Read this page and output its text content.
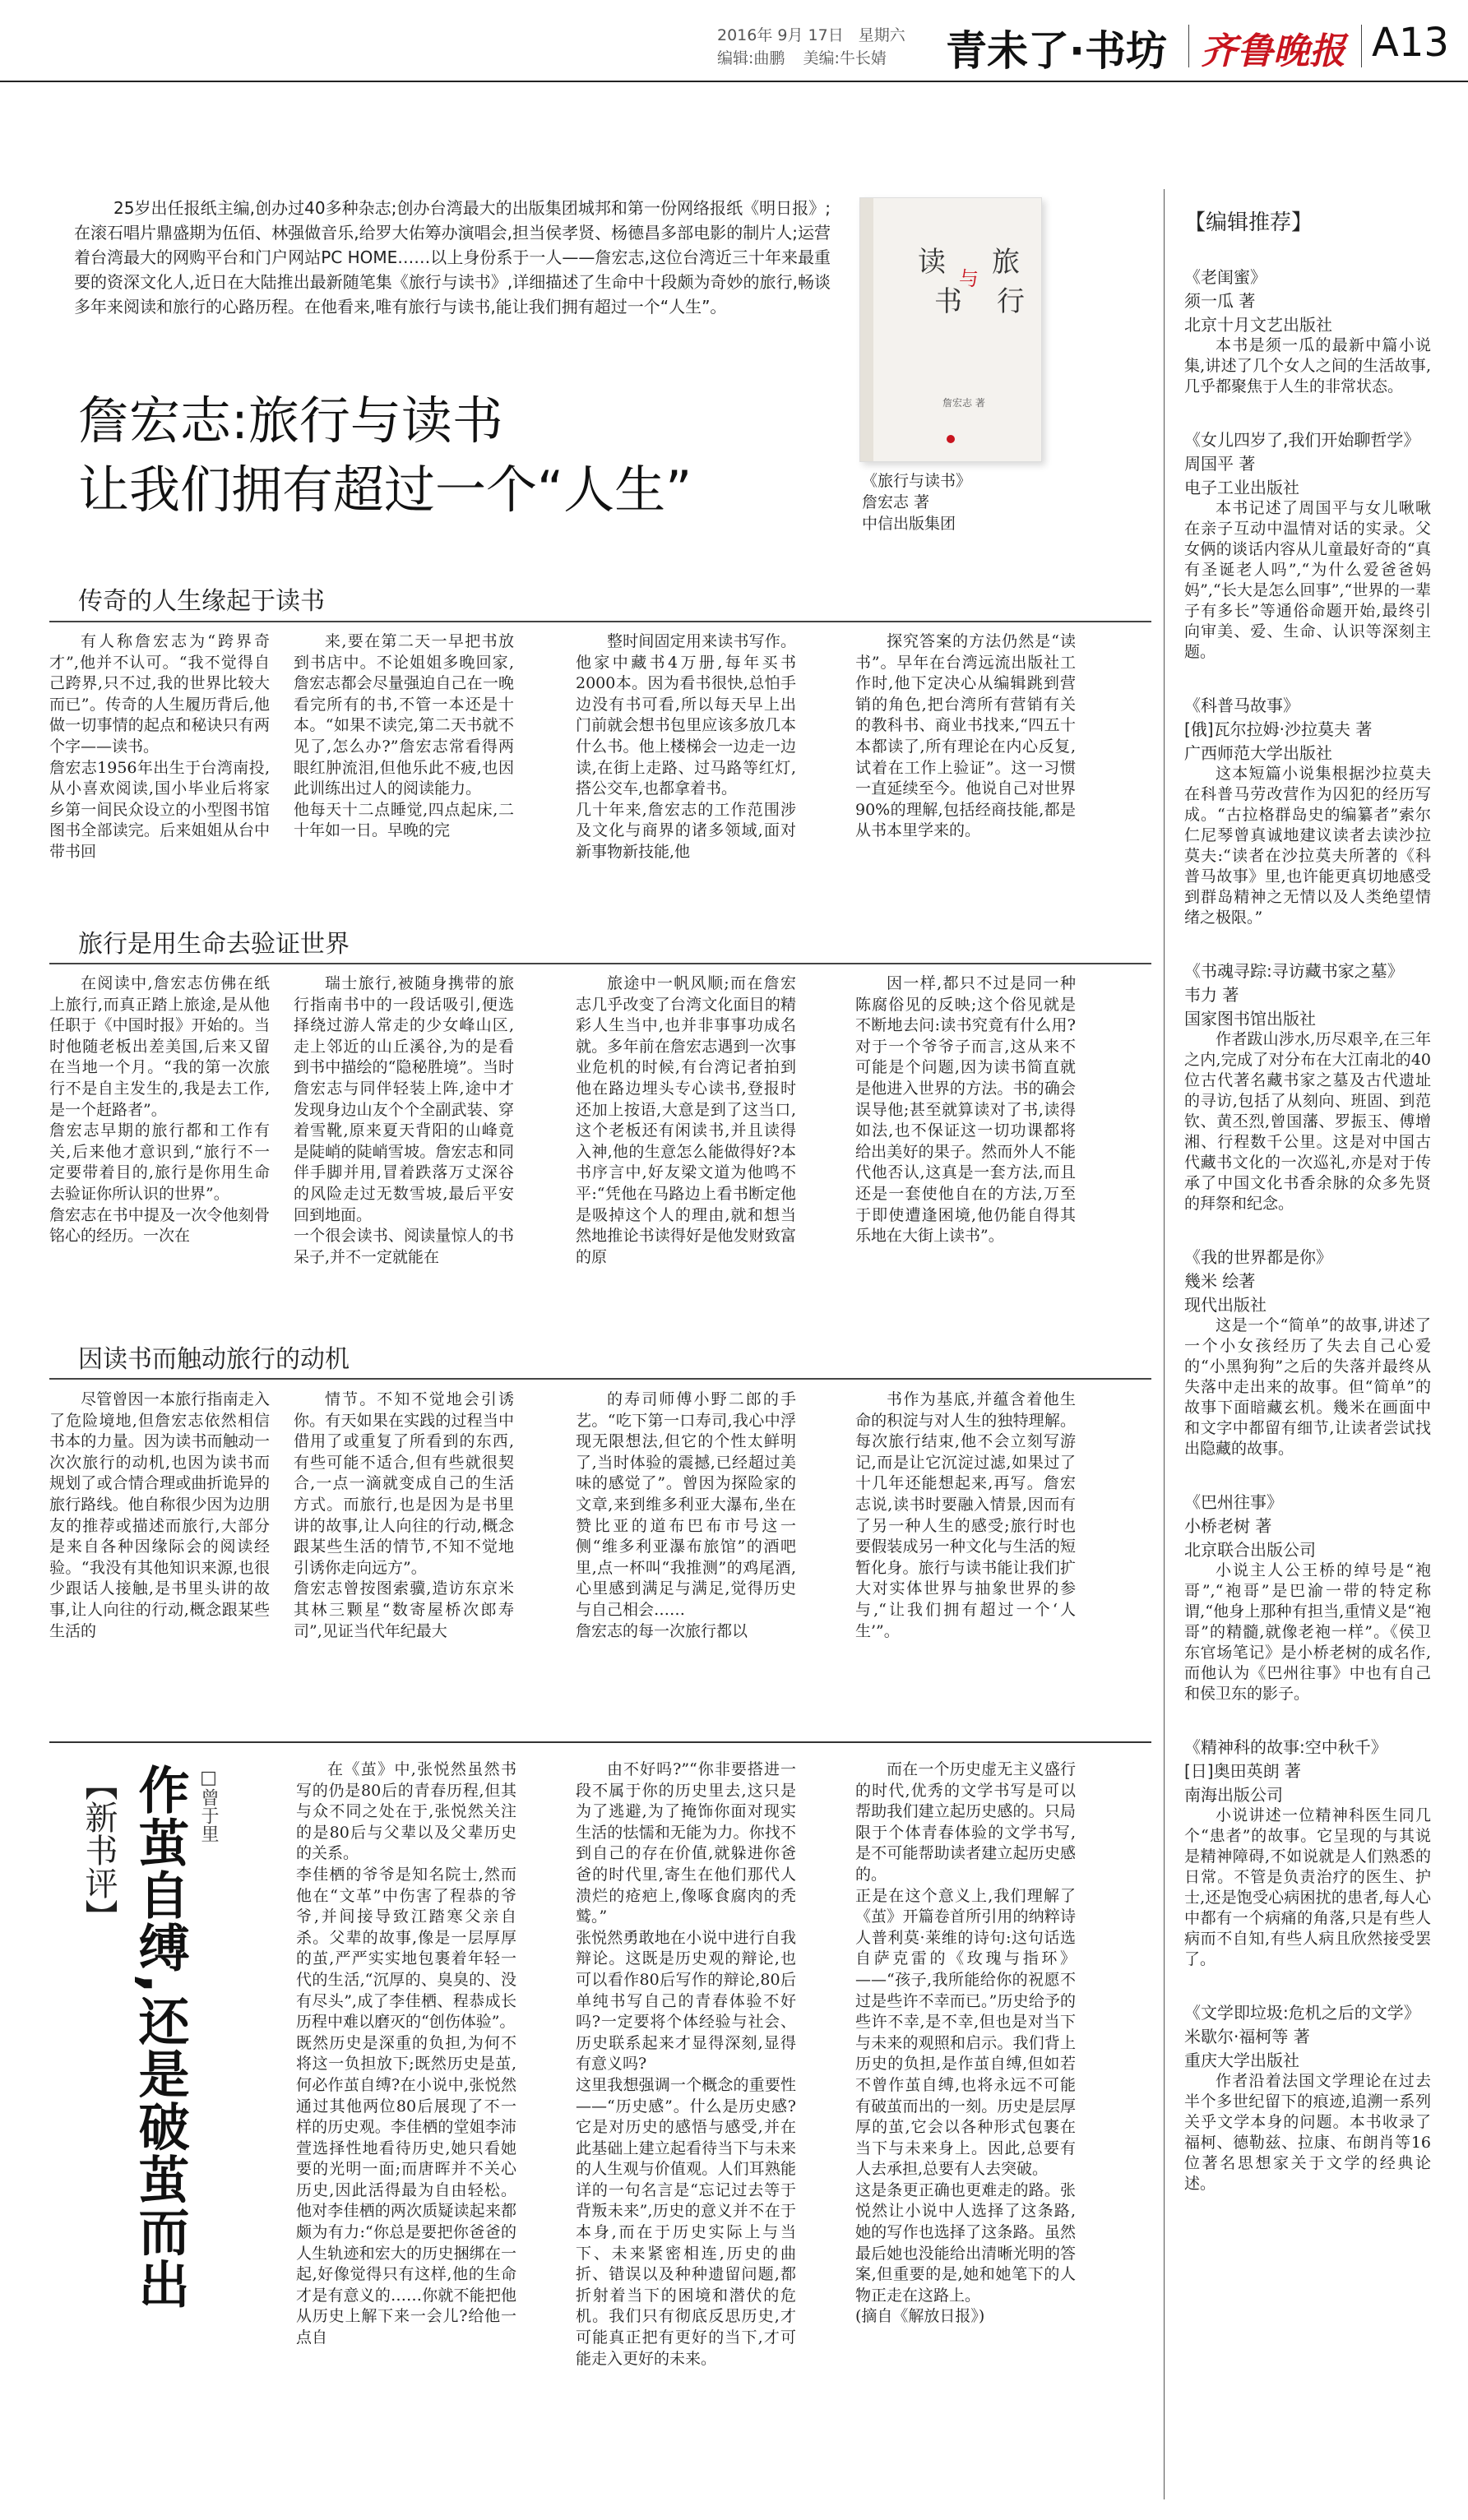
2016年 9月 17日 星期六
编辑:曲鹏 美编:牛长婧 青未了·书坊 齐鲁晚报 A13
25岁出任报纸主编,创办过40多种杂志;创办台湾最大的出版集团城邦和第一份网络报纸《明日报》;在滚石唱片鼎盛期为伍佰、林强做音乐,给罗大佑筹办演唱会,担当侯孝贤、杨德昌多部电影的制片人;运营着台湾最大的网购平台和门户网站PC HOME……以上身份系于一人——詹宏志,这位台湾近三十年来最重要的资深文化人,近日在大陆推出最新随笔集《旅行与读书》,详细描述了生命中十段颇为奇妙的旅行,畅谈多年来阅读和旅行的心路历程。在他看来,唯有旅行与读书,能让我们拥有超过一个“人生”。
读 与 旅
书 行
詹宏志 著
《旅行与读书》
詹宏志 著
中信出版集团
詹宏志:旅行与读书
让我们拥有超过一个“人生”
传奇的人生缘起于读书

有人称詹宏志为“跨界奇才”,他并不认可。“我不觉得自己跨界,只不过,我的世界比较大而已”。传奇的人生履历背后,他做一切事情的起点和秘诀只有两个字——读书。
詹宏志1956年出生于台湾南投,从小喜欢阅读,国小毕业后将家乡第一间民众设立的小型图书馆图书全部读完。后来姐姐从台中带书回

来,要在第二天一早把书放到书店中。不论姐姐多晚回家,詹宏志都会尽量强迫自己在一晚看完所有的书,不管一本还是十本。“如果不读完,第二天书就不见了,怎么办?”詹宏志常看得两眼红肿流泪,但他乐此不疲,也因此训练出过人的阅读能力。
他每天十二点睡觉,四点起床,二十年如一日。早晚的完

整时间固定用来读书写作。他家中藏书4万册,每年买书2000本。因为看书很快,总怕手边没有书可看,所以每天早上出门前就会想书包里应该多放几本什么书。他上楼梯会一边走一边读,在街上走路、过马路等红灯,搭公交车,也都拿着书。
几十年来,詹宏志的工作范围涉及文化与商界的诸多领域,面对新事物新技能,他

探究答案的方法仍然是“读书”。早年在台湾远流出版社工作时,他下定决心从编辑跳到营销的角色,把台湾所有营销有关的教科书、商业书找来,“四五十本都读了,所有理论在内心反复,试着在工作上验证”。这一习惯一直延续至今。他说自己对世界90%的理解,包括经商技能,都是从书本里学来的。

旅行是用生命去验证世界

在阅读中,詹宏志仿佛在纸上旅行,而真正踏上旅途,是从他任职于《中国时报》开始的。当时他随老板出差美国,后来又留在当地一个月。“我的第一次旅行不是自主发生的,我是去工作,是一个赶路者”。
詹宏志早期的旅行都和工作有关,后来他才意识到,“旅行不一定要带着目的,旅行是你用生命去验证你所认识的世界”。
詹宏志在书中提及一次令他刻骨铭心的经历。一次在

瑞士旅行,被随身携带的旅行指南书中的一段话吸引,便选择绕过游人常走的少女峰山区,走上邻近的山丘溪谷,为的是看到书中描绘的“隐秘胜境”。当时詹宏志与同伴轻装上阵,途中才发现身边山友个个全副武装、穿着雪靴,原来夏天背阳的山峰竟是陡峭的陡峭雪坡。詹宏志和同伴手脚并用,冒着跌落万丈深谷的风险走过无数雪坡,最后平安回到地面。
一个很会读书、阅读量惊人的书呆子,并不一定就能在

旅途中一帆风顺;而在詹宏志几乎改变了台湾文化面目的精彩人生当中,也并非事事功成名就。多年前在詹宏志遇到一次事业危机的时候,有台湾记者拍到他在路边埋头专心读书,登报时还加上按语,大意是到了这当口,这个老板还有闲读书,并且读得入神,他的生意怎么能做得好?本书序言中,好友梁文道为他鸣不平:“凭他在马路边上看书断定他是吸掉这个人的理由,就和想当然地推论书读得好是他发财致富的原

因一样,都只不过是同一种陈腐俗见的反映;这个俗见就是不断地去问:读书究竟有什么用?对于一个爷爷子而言,这从来不可能是个问题,因为读书简直就是他进入世界的方法。书的确会误导他;甚至就算读对了书,读得如法,也不保证这一切功课都将给出美好的果子。然而外人不能代他否认,这真是一套方法,而且还是一套使他自在的方法,万至于即使遭逢困境,他仍能自得其乐地在大街上读书”。

因读书而触动旅行的动机

尽管曾因一本旅行指南走入了危险境地,但詹宏志依然相信书本的力量。因为读书而触动一次次旅行的动机,也因为读书而规划了或合情合理或曲折诡异的旅行路线。他自称很少因为边朋友的推荐或描述而旅行,大部分是来自各种因缘际会的阅读经验。“我没有其他知识来源,也很少跟话人接触,是书里头讲的故事,让人向往的行动,概念跟某些生活的

情节。不知不觉地会引诱你。有天如果在实践的过程当中借用了或重复了所看到的东西,有些可能不适合,但有些就很契合,一点一滴就变成自己的生活方式。而旅行,也是因为是书里讲的故事,让人向往的行动,概念跟某些生活的情节,不知不觉地引诱你走向远方”。
詹宏志曾按图索骥,造访东京米其林三颗星“数寄屋桥次郎寿司”,见证当代年纪最大

的寿司师傅小野二郎的手艺。“吃下第一口寿司,我心中浮现无限想法,但它的个性太鲜明了,当时体验的震撼,已经超过美味的感觉了”。曾因为探险家的文章,来到维多利亚大瀑布,坐在赞比亚的道布巴布市号这一侧“维多利亚瀑布旅馆”的酒吧里,点一杯叫“我推测”的鸡尾酒,心里感到满足与满足,觉得历史与自己相会……
詹宏志的每一次旅行都以

书作为基底,并蕴含着他生命的积淀与对人生的独特理解。每次旅行结束,他不会立刻写游记,而是让它沉淀过滤,如果过了十几年还能想起来,再写。詹宏志说,读书时要融入情景,因而有了另一种人生的感受;旅行时也要假装成另一种文化与生活的短暂化身。旅行与读书能让我们扩大对实体世界与抽象世界的参与,“让我们拥有超过一个‘人生’”。

【新书评】 作茧自缚,还是破茧而出 □曾于里	在《茧》中,张悦然虽然书写的仍是80后的青春历程,但其与众不同之处在于,张悦然关注的是80后与父辈以及父辈历史的关系。
李佳栖的爷爷是知名院士,然而他在“文革”中伤害了程恭的爷爷,并间接导致江踏寒父亲自杀。父辈的故事,像是一层厚厚的茧,严严实实地包裹着年轻一代的生活,“沉厚的、臭臭的、没有尽头”,成了李佳栖、程恭成长历程中难以磨灭的“创伤体验”。
既然历史是深重的负担,为何不将这一负担放下;既然历史是茧,何必作茧自缚?在小说中,张悦然通过其他两位80后展现了不一样的历史观。李佳栖的堂姐李沛萱选择性地看待历史,她只看她要的光明一面;而唐晖并不关心历史,因此活得最为自由轻松。他对李佳栖的两次质疑读起来都颇为有力:“你总是要把你爸爸的人生轨迹和宏大的历史捆绑在一起,好像觉得只有这样,他的生命才是有意义的……你就不能把他从历史上解下来一会儿?给他一点自

由不好吗?”“你非要搭进一段不属于你的历史里去,这只是为了逃避,为了掩饰你面对现实生活的怯懦和无能为力。你找不到自己的存在价值,就躲进你爸爸的时代里,寄生在他们那代人溃烂的疮疤上,像啄食腐肉的秃鹫。”
张悦然勇敢地在小说中进行自我辩论。这既是历史观的辩论,也可以看作80后写作的辩论,80后单纯书写自己的青春体验不好吗?一定要将个体经验与社会、历史联系起来才显得深刻,显得有意义吗?
这里我想强调一个概念的重要性——“历史感”。什么是历史感?它是对历史的感悟与感受,并在此基础上建立起看待当下与未来的人生观与价值观。人们耳熟能详的一句名言是“忘记过去等于背叛未来”,历史的意义并不在于本身,而在于历史实际上与当下、未来紧密相连,历史的曲折、错误以及种种遗留问题,都折射着当下的困境和潜伏的危机。我们只有彻底反思历史,才可能真正把有更好的当下,才可能走入更好的未来。

而在一个历史虚无主义盛行的时代,优秀的文学书写是可以帮助我们建立起历史感的。只局限于个体青春体验的文学书写,是不可能帮助读者建立起历史感的。
正是在这个意义上,我们理解了《茧》开篇卷首所引用的纳粹诗人普利莫·莱维的诗句:这句话选自萨克雷的《玫瑰与指环》——“孩子,我所能给你的祝愿不过是些许不幸而已。”历史给予的些许不幸,是不幸,但也是对当下与未来的观照和启示。我们背上历史的负担,是作茧自缚,但如若不曾作茧自缚,也将永远不可能有破茧而出的一刻。历史是层厚厚的茧,它会以各种形式包裹在当下与未来身上。因此,总要有人去承担,总要有人去突破。
这是条更正确也更难走的路。张悦然让小说中人选择了这条路,她的写作也选择了这条路。虽然最后她也没能给出清晰光明的答案,但重要的是,她和她笔下的人物正走在这路上。
(摘自《解放日报》)

【编辑推荐】

《老闺蜜》

须一瓜 著

北京十月文艺出版社

本书是须一瓜的最新中篇小说集,讲述了几个女人之间的生活故事,几乎都聚焦于人生的非常状态。

《女儿四岁了,我们开始聊哲学》

周国平 著

电子工业出版社

本书记述了周国平与女儿啾啾在亲子互动中温情对话的实录。父女俩的谈话内容从儿童最好奇的“真有圣诞老人吗”,“为什么爱爸爸妈妈”,“长大是怎么回事”,“世界的一辈子有多长”等通俗命题开始,最终引向审美、爱、生命、认识等深刻主题。

《科普马故事》

[俄]瓦尔拉姆·沙拉莫夫 著

广西师范大学出版社

这本短篇小说集根据沙拉莫夫在科普马劳改营作为囚犯的经历写成。“古拉格群岛史的编纂者”索尔仁尼琴曾真诚地建议读者去读沙拉莫夫:“读者在沙拉莫夫所著的《科普马故事》里,也许能更真切地感受到群岛精神之无情以及人类绝望情绪之极限。”

《书魂寻踪:寻访藏书家之墓》

韦力 著

国家图书馆出版社

作者跋山涉水,历尽艰辛,在三年之内,完成了对分布在大江南北的40位古代著名藏书家之墓及古代遗址的寻访,包括了从刻向、班固、到范钦、黄丕烈,曾国藩、罗振玉、傅增湘、行程数千公里。这是对中国古代藏书文化的一次巡礼,亦是对于传承了中国文化书香余脉的众多先贤的拜祭和纪念。

《我的世界都是你》

幾米 绘著

现代出版社

这是一个“简单”的故事,讲述了一个小女孩经历了失去自己心爱的“小黑狗狗”之后的失落并最终从失落中走出来的故事。但“简单”的故事下面暗藏玄机。幾米在画面中和文字中都留有细节,让读者尝试找出隐藏的故事。

《巴州往事》

小桥老树 著

北京联合出版公司

小说主人公王桥的绰号是“袍哥”,“袍哥”是巴渝一带的特定称谓,“他身上那种有担当,重情义是“袍哥”的精髓,就像老袍一样”。《侯卫东官场笔记》是小桥老树的成名作,而他认为《巴州往事》中也有自己和侯卫东的影子。

《精神科的故事:空中秋千》

[日]奥田英朗 著

南海出版公司

小说讲述一位精神科医生同几个“患者”的故事。它呈现的与其说是精神障碍,不如说就是人们熟悉的日常。不管是负责治疗的医生、护士,还是饱受心病困扰的患者,每人心中都有一个病痛的角落,只是有些人病而不自知,有些人病且欣然接受罢了。

《文学即垃圾:危机之后的文学》

米歇尔·福柯等 著

重庆大学出版社

作者沿着法国文学理论在过去半个多世纪留下的痕迹,追溯一系列关乎文学本身的问题。本书收录了福柯、德勒兹、拉康、布朗肖等16位著名思想家关于文学的经典论述。
